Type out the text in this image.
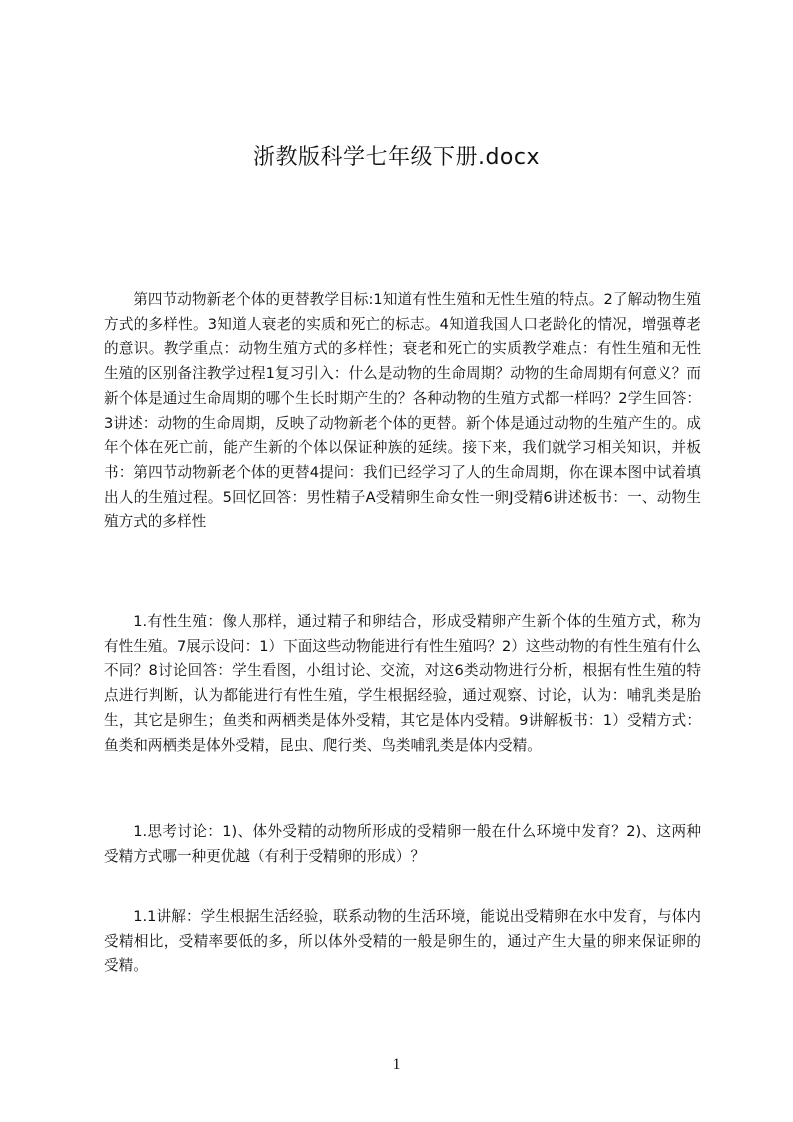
浙教版科学七年级下册.docx

第四节动物新老个体的更替教学目标:1知道有性生殖和无性生殖的特点。2了解动物生殖方式的多样性。3知道人衰老的实质和死亡的标志。4知道我国人口老龄化的情况，增强尊老的意识。教学重点：动物生殖方式的多样性；衰老和死亡的实质教学难点：有性生殖和无性生殖的区别备注教学过程1复习引入：什么是动物的生命周期？动物的生命周期有何意义？而新个体是通过生命周期的哪个生长时期产生的？各种动物的生殖方式都一样吗？2学生回答：3讲述：动物的生命周期，反映了动物新老个体的更替。新个体是通过动物的生殖产生的。成年个体在死亡前，能产生新的个体以保证种族的延续。接下来，我们就学习相关知识，并板书：第四节动物新老个体的更替4提问：我们已经学习了人的生命周期，你在课本图中试着填出人的生殖过程。5回忆回答：男性精子A受精卵生命女性一卵J受精6讲述板书：一、动物生殖方式的多样性

1.有性生殖：像人那样，通过精子和卵结合，形成受精卵产生新个体的生殖方式，称为有性生殖。7展示设问：1）下面这些动物能进行有性生殖吗？2）这些动物的有性生殖有什么不同？8讨论回答：学生看图，小组讨论、交流，对这6类动物进行分析，根据有性生殖的特点进行判断，认为都能进行有性生殖，学生根据经验，通过观察、讨论，认为：哺乳类是胎生，其它是卵生；鱼类和两栖类是体外受精，其它是体内受精。9讲解板书：1）受精方式：鱼类和两栖类是体外受精，昆虫、爬行类、鸟类哺乳类是体内受精。

1.思考讨论：1)、体外受精的动物所形成的受精卵一般在什么环境中发育？2)、这两种受精方式哪一种更优越（有利于受精卵的形成）？

1.1讲解：学生根据生活经验，联系动物的生活环境，能说出受精卵在水中发育，与体内受精相比，受精率要低的多，所以体外受精的一般是卵生的，通过产生大量的卵来保证卵的受精。

1
